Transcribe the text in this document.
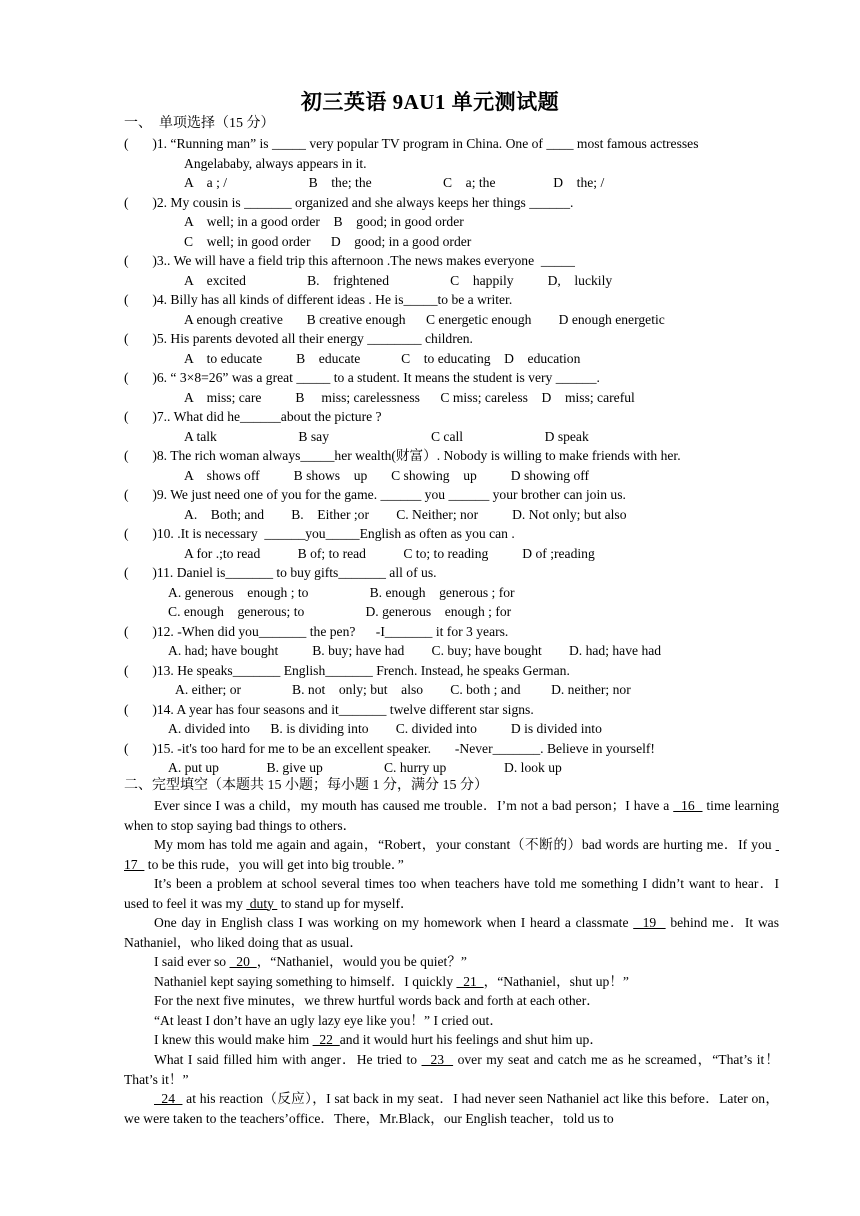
初三英语 9AU1 单元测试题
一、  单项选择（15 分）
(       )1. “Running man” is _____ very popular TV program in China. One of ____ most famous actresses
Angelababy, always appears in it.
A    a ; /                        B    the; the                     C    a; the                 D    the; /
(       )2. My cousin is _______ organized and she always keeps her things ______.
A    well; in a good order    B    good; in good order
C    well; in good order      D    good; in a good order
(       )3.. We will have a field trip this afternoon .The news makes everyone  _____
A    excited                  B.    frightened                  C    happily          D,    luckily
(       )4. Billy has all kinds of different ideas . He is_____to be a writer.
A enough creative       B creative enough      C energetic enough        D enough energetic
(       )5. His parents devoted all their energy ________ children.
A    to educate          B    educate            C    to educating    D    education
(       )6. “ 3×8=26” was a great _____ to a student. It means the student is very ______.
A    miss; care          B     miss; carelessness      C miss; careless    D    miss; careful
(       )7.. What did he______about the picture ?
A talk                        B say                              C call                        D speak
(       )8. The rich woman always_____her wealth(财富）. Nobody is willing to make friends with her.
A    shows off          B shows    up       C showing    up          D showing off
(       )9. We just need one of you for the game. ______ you ______ your brother can join us.
A.    Both; and        B.    Either ;or        C. Neither; nor          D. Not only; but also
(       )10. .It is necessary  ______you_____English as often as you can .
A for .;to read           B of; to read           C to; to reading          D of ;reading
(       )11. Daniel is_______ to buy gifts_______ all of us.
A. generous    enough ; to                  B. enough    generous ; for
C. enough    generous; to                  D. generous    enough ; for
(       )12. -When did you_______ the pen?      -I_______ it for 3 years.
A. had; have bought          B. buy; have had        C. buy; have bought        D. had; have had
(       )13. He speaks_______ English_______ French. Instead, he speaks German.
A. either; or               B. not    only; but    also        C. both ; and         D. neither; nor
(       )14. A year has four seasons and it_______ twelve different star signs.
A. divided into      B. is dividing into        C. divided into          D is divided into
(       )15. -it's too hard for me to be an excellent speaker.       -Never_______. Believe in yourself!
A. put up              B. give up                  C. hurry up                 D. look up
二、完型填空（本题共 15 小题；每小题 1 分，满分 15 分）
Ever since I was a child，my mouth has caused me trouble．I’m not a bad person；I have a   16   time learning when to stop saying bad things to others．
My mom has told me again and again，“Robert，your constant（不断的）bad words are hurting me．If you   17   to be this rude，you will get into big trouble．”
It’s been a problem at school several times too when teachers have told me something I didn’t want to hear．I used to feel it was my  duty  to stand up for myself．
One day in English class I was working on my homework when I heard a classmate   19   behind me．It was Nathaniel，who liked doing that as usual．
I said ever so   20  ，“Nathaniel，would you be quiet？”
Nathaniel kept saying something to himself．I quickly   21  ，“Nathaniel，shut up！”
For the next five minutes，we threw hurtful words back and forth at each other．
“At least I don’t have an ugly lazy eye like you！” I cried out．
I knew this would make him   22  and it would hurt his feelings and shut him up．
What I said filled him with anger．He tried to   23   over my seat and catch me as he screamed，“That’s it！That’s it！”
24   at his reaction（反应），I sat back in my seat．I had never seen Nathaniel act like this before．Later on，we were taken to the teachers’office．There，Mr.Black，our English teacher，told us to
